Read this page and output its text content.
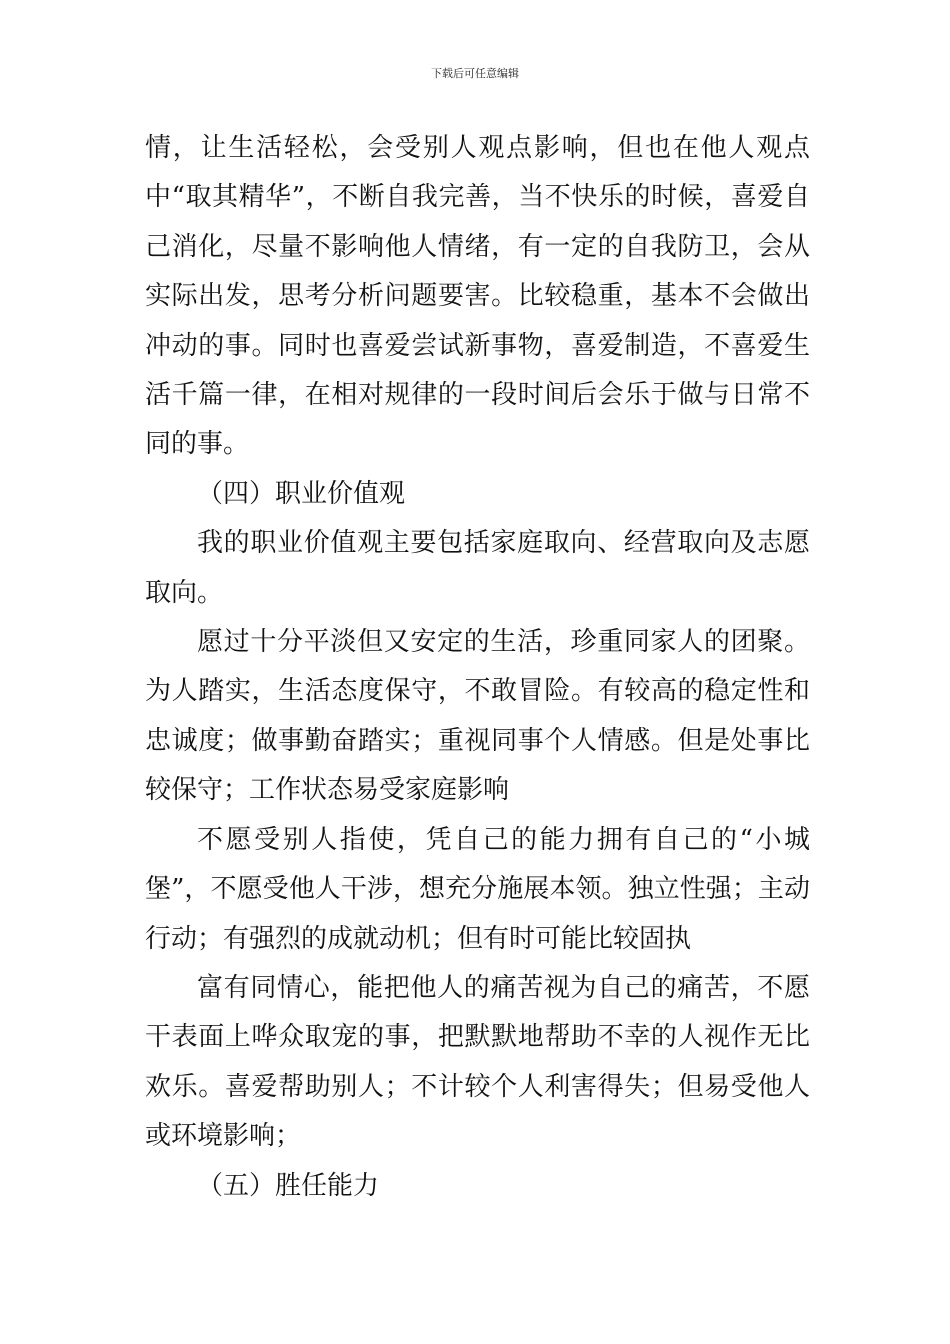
下载后可任意编辑

情，让生活轻松，会受别人观点影响，但也在他人观点中“取其精华”，不断自我完善，当不快乐的时候，喜爱自己消化，尽量不影响他人情绪，有一定的自我防卫，会从实际出发，思考分析问题要害。比较稳重，基本不会做出冲动的事。同时也喜爱尝试新事物，喜爱制造，不喜爱生活千篇一律，在相对规律的一段时间后会乐于做与日常不同的事。

（四）职业价值观

我的职业价值观主要包括家庭取向、经营取向及志愿取向。

愿过十分平淡但又安定的生活，珍重同家人的团聚。为人踏实，生活态度保守，不敢冒险。有较高的稳定性和忠诚度；做事勤奋踏实；重视同事个人情感。但是处事比较保守；工作状态易受家庭影响

不愿受别人指使，凭自己的能力拥有自己的“小城堡”，不愿受他人干涉，想充分施展本领。独立性强；主动行动；有强烈的成就动机；但有时可能比较固执

富有同情心，能把他人的痛苦视为自己的痛苦，不愿干表面上哗众取宠的事，把默默地帮助不幸的人视作无比欢乐。喜爱帮助别人；不计较个人利害得失；但易受他人或环境影响；

（五）胜任能力
